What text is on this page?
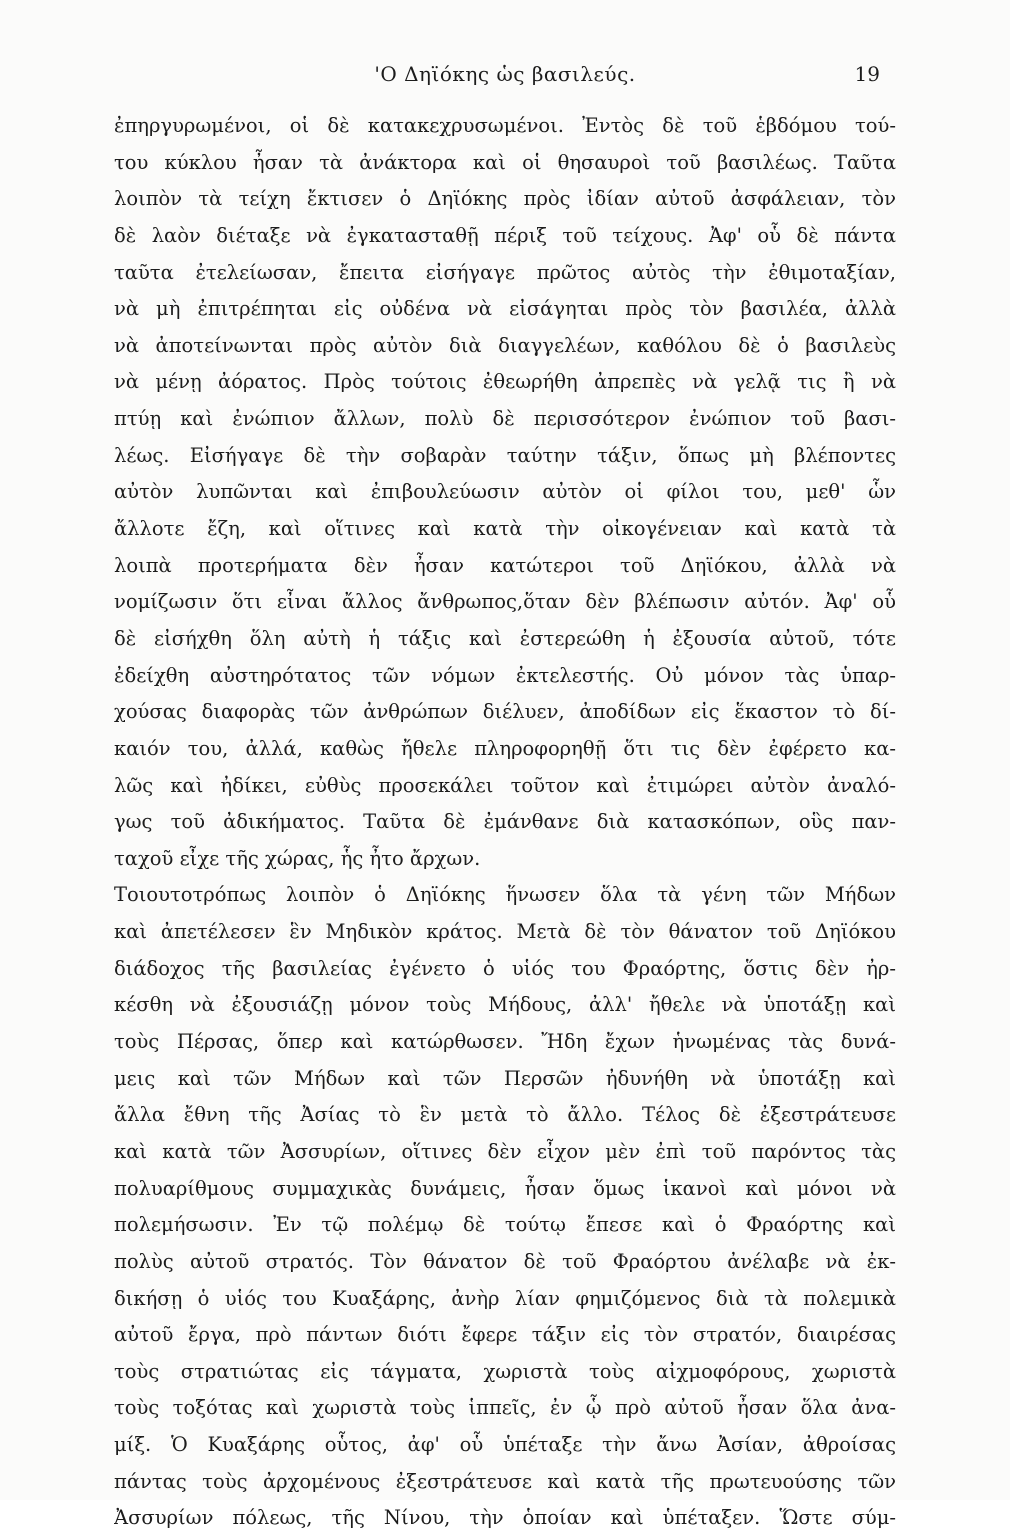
'Ο Δηϊόκης ὡς βασιλεύς.	19
ἐπηργυρωμένοι, οἱ δὲ κατακεχρυσωμένοι. Ἐντὸς δὲ τοῦ ἑβδόμου τού-
του κύκλου ἦσαν τὰ ἀνάκτορα καὶ οἱ θησαυροὶ τοῦ βασιλέως. Ταῦτα
λοιπὸν τὰ τείχη ἔκτισεν ὁ Δηϊόκης πρὸς ἰδίαν αὐτοῦ ἀσφάλειαν, τὸν
δὲ λαὸν διέταξε νὰ ἐγκατασταθῇ πέριξ τοῦ τείχους. Ἀφ' οὗ δὲ πάντα
ταῦτα ἐτελείωσαν, ἔπειτα εἰσήγαγε πρῶτος αὐτὸς τὴν ἐθιμοταξίαν,
νὰ μὴ ἐπιτρέπηται εἰς οὐδένα νὰ εἰσάγηται πρὸς τὸν βασιλέα, ἀλλὰ
νὰ ἀποτείνωνται πρὸς αὐτὸν διὰ διαγγελέων, καθόλου δὲ ὁ βασιλεὺς
νὰ μένῃ ἀόρατος. Πρὸς τούτοις ἐθεωρήθη ἀπρεπὲς νὰ γελᾷ τις ἢ νὰ
πτύῃ καὶ ἐνώπιον ἄλλων, πολὺ δὲ περισσότερον ἐνώπιον τοῦ βασι-
λέως. Εἰσήγαγε δὲ τὴν σοβαρὰν ταύτην τάξιν, ὅπως μὴ βλέποντες
αὐτὸν λυπῶνται καὶ ἐπιβουλεύωσιν αὐτὸν οἱ φίλοι του, μεθ' ὧν
ἄλλοτε ἔζη, καὶ οἵτινες καὶ κατὰ τὴν οἰκογένειαν καὶ κατὰ τὰ
λοιπὰ προτερήματα δὲν ἦσαν κατώτεροι τοῦ Δηϊόκου, ἀλλὰ νὰ
νομίζωσιν ὅτι εἶναι ἄλλος ἄνθρωπος,ὅταν δὲν βλέπωσιν αὐτόν. Ἀφ' οὗ
δὲ εἰσήχθη ὅλη αὐτὴ ἡ τάξις καὶ ἐστερεώθη ἡ ἐξουσία αὐτοῦ, τότε
ἐδείχθη αὐστηρότατος τῶν νόμων ἐκτελεστής. Οὐ μόνον τὰς ὑπαρ-
χούσας διαφορὰς τῶν ἀνθρώπων διέλυεν, ἀποδίδων εἰς ἕκαστον τὸ δί-
καιόν του, ἀλλά, καθὼς ἤθελε πληροφορηθῇ ὅτι τις δὲν ἐφέρετο κα-
λῶς καὶ ἠδίκει, εὐθὺς προσεκάλει τοῦτον καὶ ἐτιμώρει αὐτὸν ἀναλό-
γως τοῦ ἀδικήματος. Ταῦτα δὲ ἐμάνθανε διὰ κατασκόπων, οὓς παν-
ταχοῦ εἶχε τῆς χώρας, ἧς ἦτο ἄρχων.
Τοιουτοτρόπως λοιπὸν ὁ Δηϊόκης ἥνωσεν ὅλα τὰ γένη τῶν Μήδων
καὶ ἀπετέλεσεν ἓν Μηδικὸν κράτος. Μετὰ δὲ τὸν θάνατον τοῦ Δηϊόκου
διάδοχος τῆς βασιλείας ἐγένετο ὁ υἱός του Φραόρτης, ὅστις δὲν ἠρ-
κέσθη νὰ ἐξουσιάζῃ μόνον τοὺς Μήδους, ἀλλ' ἤθελε νὰ ὑποτάξῃ καὶ
τοὺς Πέρσας, ὅπερ καὶ κατώρθωσεν. Ἤδη ἔχων ἡνωμένας τὰς δυνά-
μεις καὶ τῶν Μήδων καὶ τῶν Περσῶν ἠδυνήθη νὰ ὑποτάξῃ καὶ
ἄλλα ἔθνη τῆς Ἀσίας τὸ ἓν μετὰ τὸ ἄλλο. Τέλος δὲ ἐξεστράτευσε
καὶ κατὰ τῶν Ἀσσυρίων, οἵτινες δὲν εἶχον μὲν ἐπὶ τοῦ παρόντος τὰς
πολυαρίθμους συμμαχικὰς δυνάμεις, ἦσαν ὅμως ἱκανοὶ καὶ μόνοι νὰ
πολεμήσωσιν. Ἐν τῷ πολέμῳ δὲ τούτῳ ἔπεσε καὶ ὁ Φραόρτης καὶ
πολὺς αὐτοῦ στρατός. Τὸν θάνατον δὲ τοῦ Φραόρτου ἀνέλαβε νὰ ἐκ-
δικήσῃ ὁ υἱός του Κυαξάρης, ἀνὴρ λίαν φημιζόμενος διὰ τὰ πολεμικὰ
αὐτοῦ ἔργα, πρὸ πάντων διότι ἔφερε τάξιν εἰς τὸν στρατόν, διαιρέσας
τοὺς στρατιώτας εἰς τάγματα, χωριστὰ τοὺς αἰχμοφόρους, χωριστὰ
τοὺς τοξότας καὶ χωριστὰ τοὺς ἱππεῖς, ἐν ᾧ πρὸ αὐτοῦ ἦσαν ὅλα ἀνα-
μίξ. Ὁ Κυαξάρης οὗτος, ἀφ' οὗ ὑπέταξε τὴν ἄνω Ἀσίαν, ἀθροίσας
πάντας τοὺς ἀρχομένους ἐξεστράτευσε καὶ κατὰ τῆς πρωτευούσης τῶν
Ἀσσυρίων πόλεως, τῆς Νίνου, τὴν ὁποίαν καὶ ὑπέταξεν. Ὥστε σύμ-
